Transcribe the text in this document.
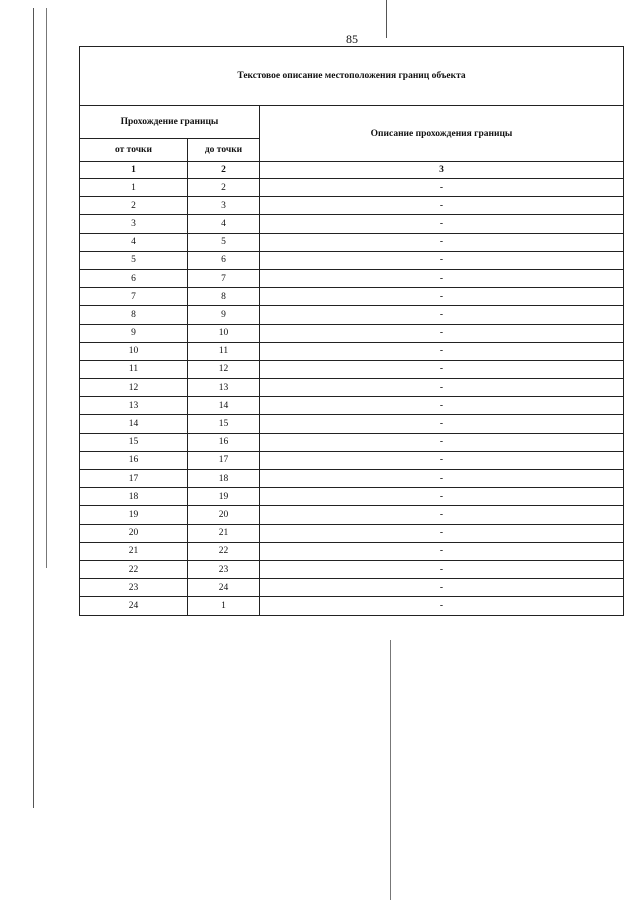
85
Текстовое описание местоположения границ объекта		
Прохождение границы		Описание прохождения границы
от точки	до точки	
1	2	3
1	2	-
2	3	-
3	4	-
4	5	-
5	6	-
6	7	-
7	8	-
8	9	-
9	10	-
10	11	-
11	12	-
12	13	-
13	14	-
14	15	-
15	16	-
16	17	-
17	18	-
18	19	-
19	20	-
20	21	-
21	22	-
22	23	-
23	24	-
24	1	-
